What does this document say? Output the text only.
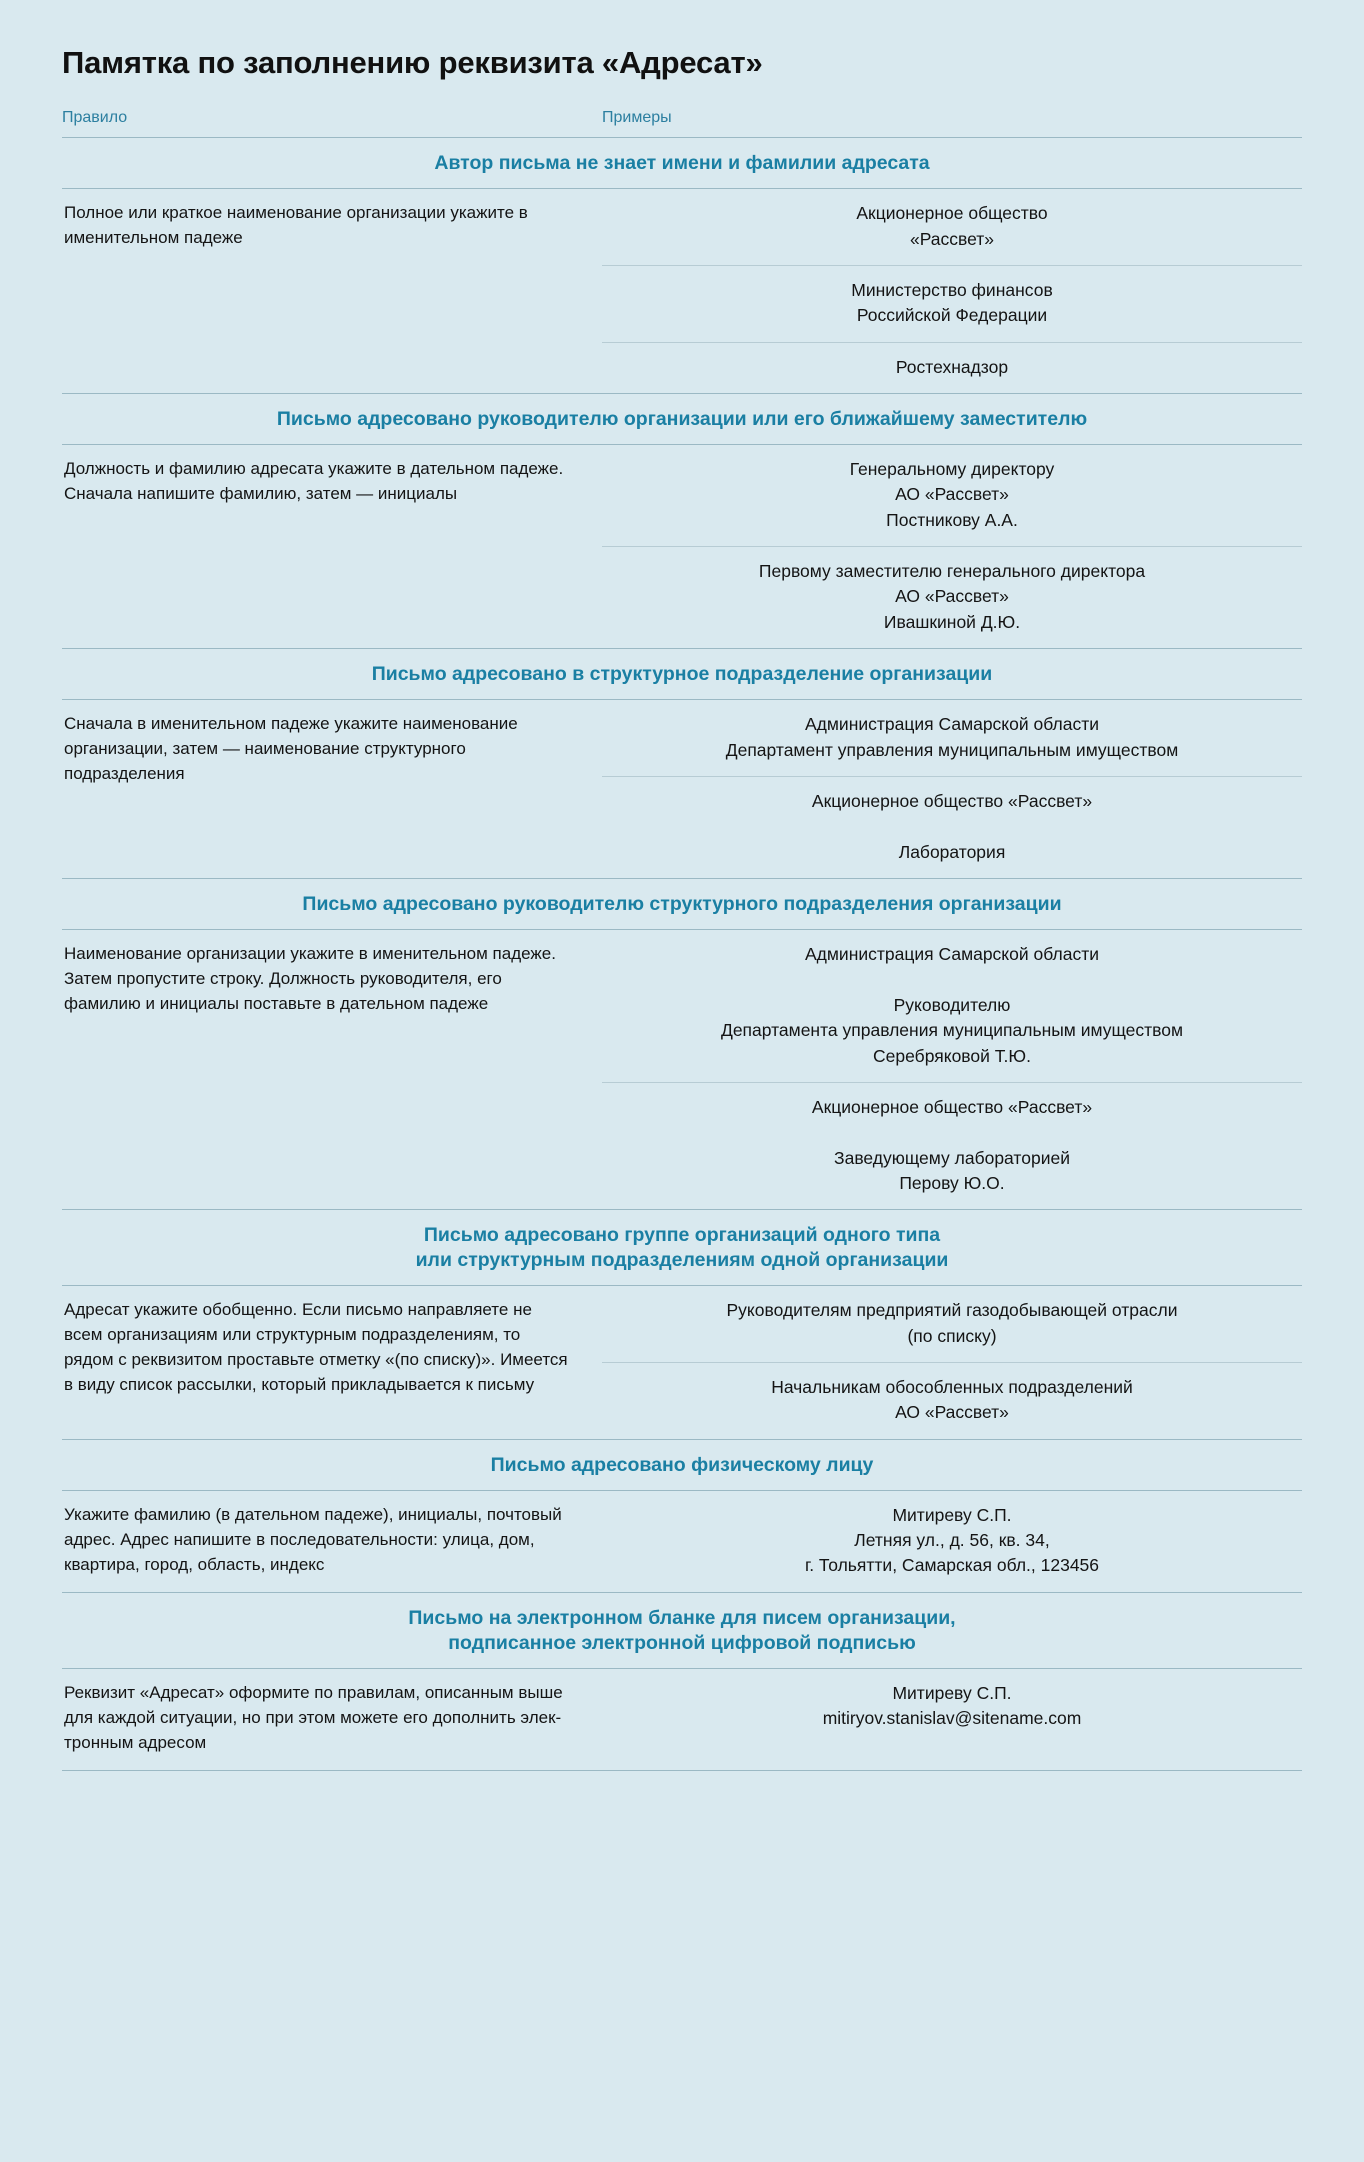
Памятка по заполнению реквизита «Адресат»
Правило	Примеры
Автор письма не знает имени и фамилии адресата
Полное или краткое наименование организации укажите в именительном падеже
Акционерное общество
«Рассвет»
Министерство финансов
Российской Федерации
Ростехнадзор
Письмо адресовано руководителю организации или его ближайшему заместителю
Должность и фамилию адресата укажите в дательном падеже. Сначала напишите фамилию, затем — инициалы
Генеральному директору
АО «Рассвет»
Постникову А.А.
Первому заместителю генерального директора
АО «Рассвет»
Ивашкиной Д.Ю.
Письмо адресовано в структурное подразделение организации
Сначала в именительном падеже укажите наименование организации, затем — наименование структурного подразделения
Администрация Самарской области
Департамент управления муниципальным имуществом
Акционерное общество «Рассвет»

Лаборатория
Письмо адресовано руководителю структурного подразделения организации
Наименование организации укажите в именительном падеже. Затем пропустите строку. Должность руководителя, его фамилию и инициалы поставьте в дательном падеже
Администрация Самарской области

Руководителю
Департамента управления муниципальным имуществом
Серебряковой Т.Ю.
Акционерное общество «Рассвет»

Заведующему лабораторией
Перову Ю.О.
Письмо адресовано группе организаций одного типа
или структурным подразделениям одной организации
Адресат укажите обобщенно. Если письмо направляете не всем организациям или структурным подразделениям, то рядом с реквизитом проставьте отметку «(по списку)». Имеется в виду список рассылки, который прикладывается к письму
Руководителям предприятий газодобывающей отрасли
(по списку)
Начальникам обособленных подразделений
АО «Рассвет»
Письмо адресовано физическому лицу
Укажите фамилию (в дательном падеже), инициалы, почтовый адрес. Адрес напишите в последовательности: улица, дом, квартира, город, область, индекс
Митиреву С.П.
Летняя ул., д. 56, кв. 34,
г. Тольятти, Самарская обл., 123456
Письмо на электронном бланке для писем организации,
подписанное электронной цифровой подписью
Реквизит «Адресат» оформите по правилам, описанным выше для каждой ситуации, но при этом можете его дополнить электронным адресом
Митиреву С.П.
mitiryov.stanislav@sitename.com
